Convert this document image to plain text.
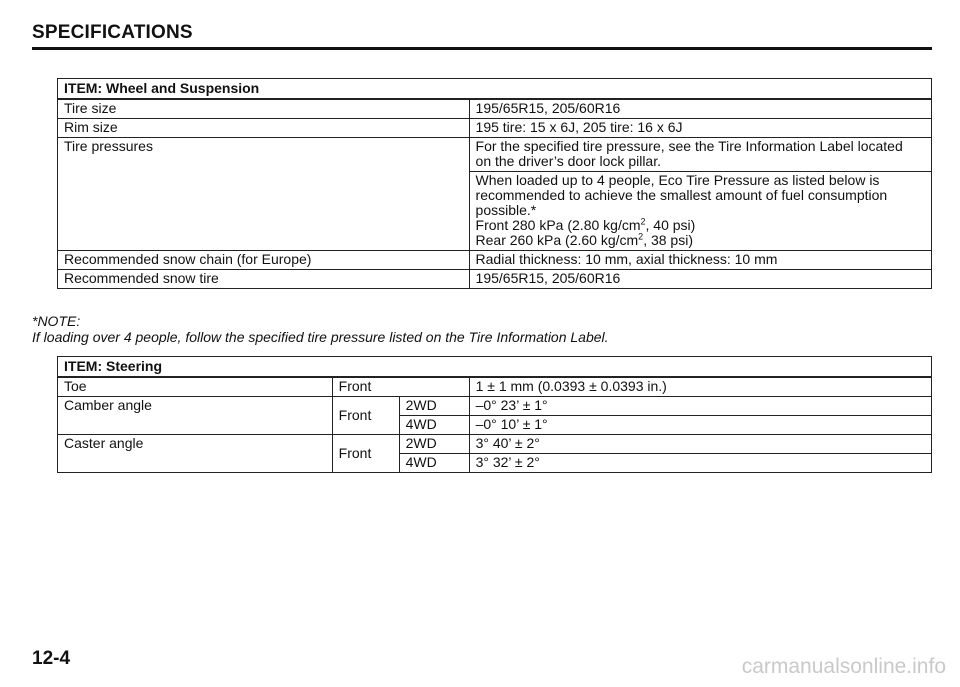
SPECIFICATIONS
ITEM: Wheel and Suspension	
Tire size	195/65R15, 205/60R16
Rim size	195 tire: 15 x 6J, 205 tire: 16 x 6J
Tire pressures	For the specified tire pressure, see the Tire Information Label located
on the driver’s door lock pillar.

	When loaded up to 4 people, Eco Tire Pressure as listed below is
recommended to achieve the smallest amount of fuel consumption
possible.*
Front 280 kPa (2.80 $kg/cm^2$, 40 psi)
Rear 260 kPa (2.60 $kg/cm^2$, 38 psi)

Recommended snow chain (for Europe)	Radial thickness: 10 mm, axial thickness: 10 mm
Recommended snow tire	195/65R15, 205/60R16
*NOTE:
If loading over 4 people, follow the specified tire pressure listed on the Tire Information Label.
ITEM: Steering			
Toe	Front		1 ± 1 mm (0.0393 ± 0.0393 in.)
Camber angle	Front	2WD	–0° 23’ ± 1°
		4WD	–0° 10’ ± 1°
Caster angle	Front	2WD	3° 40’ ± 2°
		4WD	3° 32’ ± 2°
12-4	carmanualsonline.info
